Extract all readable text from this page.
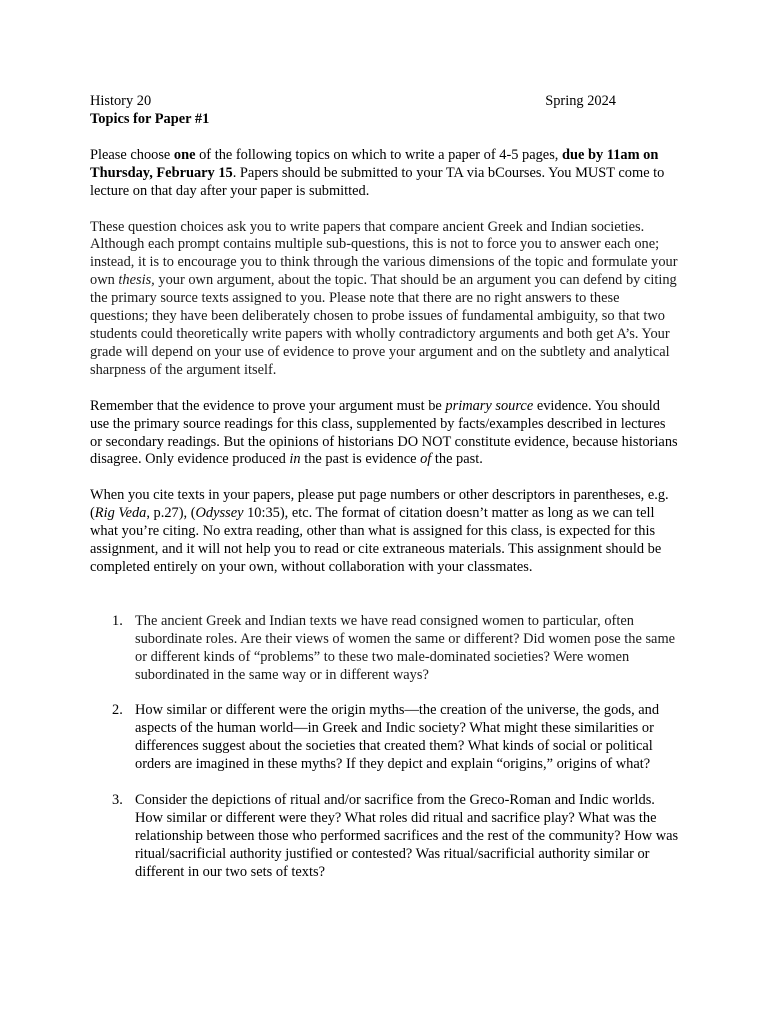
History 20	Spring 2024
Topics for Paper #1

Please choose one of the following topics on which to write a paper of 4-5 pages, due by 11am on Thursday, February 15. Papers should be submitted to your TA via bCourses. You MUST come to lecture on that day after your paper is submitted.

These question choices ask you to write papers that compare ancient Greek and Indian societies. Although each prompt contains multiple sub-questions, this is not to force you to answer each one; instead, it is to encourage you to think through the various dimensions of the topic and formulate your own thesis, your own argument, about the topic. That should be an argument you can defend by citing the primary source texts assigned to you. Please note that there are no right answers to these questions; they have been deliberately chosen to probe issues of fundamental ambiguity, so that two students could theoretically write papers with wholly contradictory arguments and both get A’s. Your grade will depend on your use of evidence to prove your argument and on the subtlety and analytical sharpness of the argument itself.

Remember that the evidence to prove your argument must be primary source evidence. You should use the primary source readings for this class, supplemented by facts/examples described in lectures or secondary readings. But the opinions of historians DO NOT constitute evidence, because historians disagree. Only evidence produced in the past is evidence of the past.

When you cite texts in your papers, please put page numbers or other descriptors in parentheses, e.g. (Rig Veda, p.27), (Odyssey 10:35), etc. The format of citation doesn’t matter as long as we can tell what you’re citing. No extra reading, other than what is assigned for this class, is expected for this assignment, and it will not help you to read or cite extraneous materials. This assignment should be completed entirely on your own, without collaboration with your classmates.

1. The ancient Greek and Indian texts we have read consigned women to particular, often subordinate roles. Are their views of women the same or different? Did women pose the same or different kinds of “problems” to these two male-dominated societies? Were women subordinated in the same way or in different ways?
2. How similar or different were the origin myths—the creation of the universe, the gods, and aspects of the human world—in Greek and Indic society? What might these similarities or differences suggest about the societies that created them? What kinds of social or political orders are imagined in these myths? If they depict and explain “origins,” origins of what?
3. Consider the depictions of ritual and/or sacrifice from the Greco-Roman and Indic worlds. How similar or different were they? What roles did ritual and sacrifice play? What was the relationship between those who performed sacrifices and the rest of the community? How was ritual/sacrificial authority justified or contested? Was ritual/sacrificial authority similar or different in our two sets of texts?
